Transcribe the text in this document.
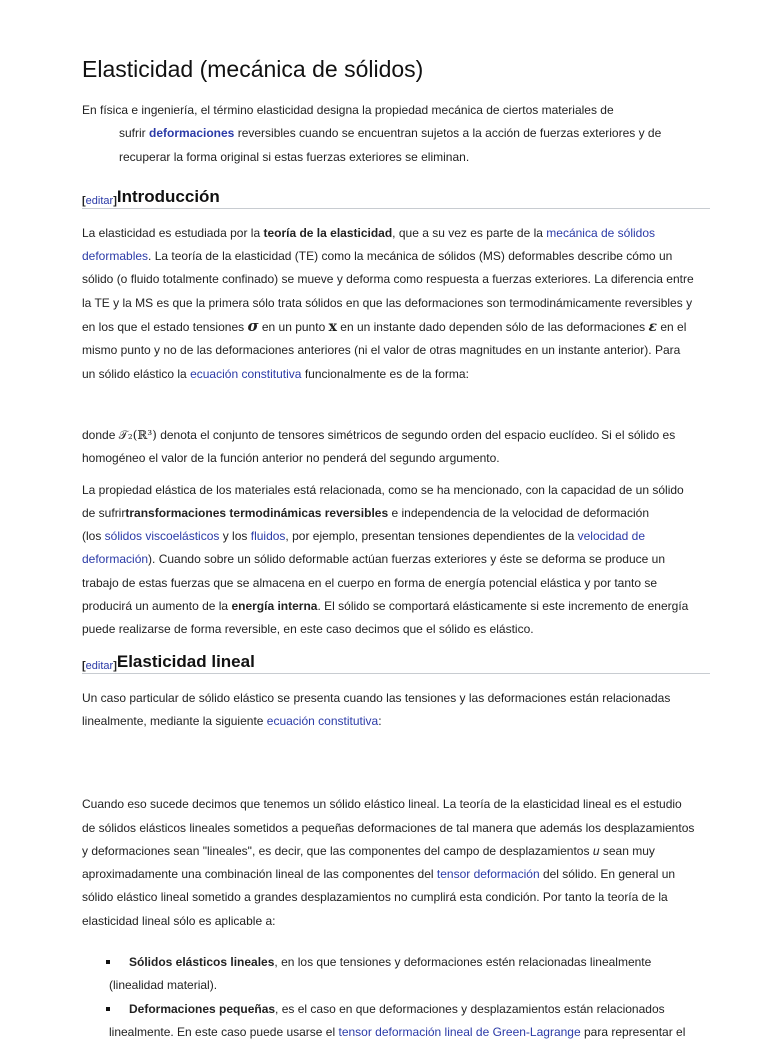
Elasticidad (mecánica de sólidos)
En física e ingeniería, el término elasticidad designa la propiedad mecánica de ciertos materiales de
sufrir deformaciones reversibles cuando se encuentran sujetos a la acción de fuerzas exteriores y de
recuperar la forma original si estas fuerzas exteriores se eliminan.
[editar] Introducción
La elasticidad es estudiada por la teoría de la elasticidad, que a su vez es parte de la mecánica de sólidos
deformables. La teoría de la elasticidad (TE) como la mecánica de sólidos (MS) deformables describe cómo un
sólido (o fluido totalmente confinado) se mueve y deforma como respuesta a fuerzas exteriores. La diferencia entre
la TE y la MS es que la primera sólo trata sólidos en que las deformaciones son termodinámicamente reversibles y
en los que el estado tensiones σ en un punto x en un instante dado dependen sólo de las deformaciones ε en el
mismo punto y no de las deformaciones anteriores (ni el valor de otras magnitudes en un instante anterior). Para
un sólido elástico la ecuación constitutiva funcionalmente es de la forma:
donde 𝒯₂(ℝ³) denota el conjunto de tensores simétricos de segundo orden del espacio euclídeo. Si el sólido es
homogéneo el valor de la función anterior no penderá del segundo argumento.
La propiedad elástica de los materiales está relacionada, como se ha mencionado, con la capacidad de un sólido
de sufrirtransformaciones termodinámicas reversibles e independencia de la velocidad de deformación
(los sólidos viscoelásticos y los fluidos, por ejemplo, presentan tensiones dependientes de la velocidad de
deformación). Cuando sobre un sólido deformable actúan fuerzas exteriores y éste se deforma se produce un
trabajo de estas fuerzas que se almacena en el cuerpo en forma de energía potencial elástica y por tanto se
producirá un aumento de la energía interna. El sólido se comportará elásticamente si este incremento de energía
puede realizarse de forma reversible, en este caso decimos que el sólido es elástico.
[editar] Elasticidad lineal
Un caso particular de sólido elástico se presenta cuando las tensiones y las deformaciones están relacionadas
linealmente, mediante la siguiente ecuación constitutiva:
Cuando eso sucede decimos que tenemos un sólido elástico lineal. La teoría de la elasticidad lineal es el estudio
de sólidos elásticos lineales sometidos a pequeñas deformaciones de tal manera que además los desplazamientos
y deformaciones sean "lineales", es decir, que las componentes del campo de desplazamientos u sean muy
aproximadamente una combinación lineal de las componentes del tensor deformación del sólido. En general un
sólido elástico lineal sometido a grandes desplazamientos no cumplirá esta condición. Por tanto la teoría de la
elasticidad lineal sólo es aplicable a:
Sólidos elásticos lineales, en los que tensiones y deformaciones estén relacionadas linealmente
(linealidad material).
Deformaciones pequeñas, es el caso en que deformaciones y desplazamientos están relacionados
linealmente. En este caso puede usarse el tensor deformación lineal de Green-Lagrange para representar el
